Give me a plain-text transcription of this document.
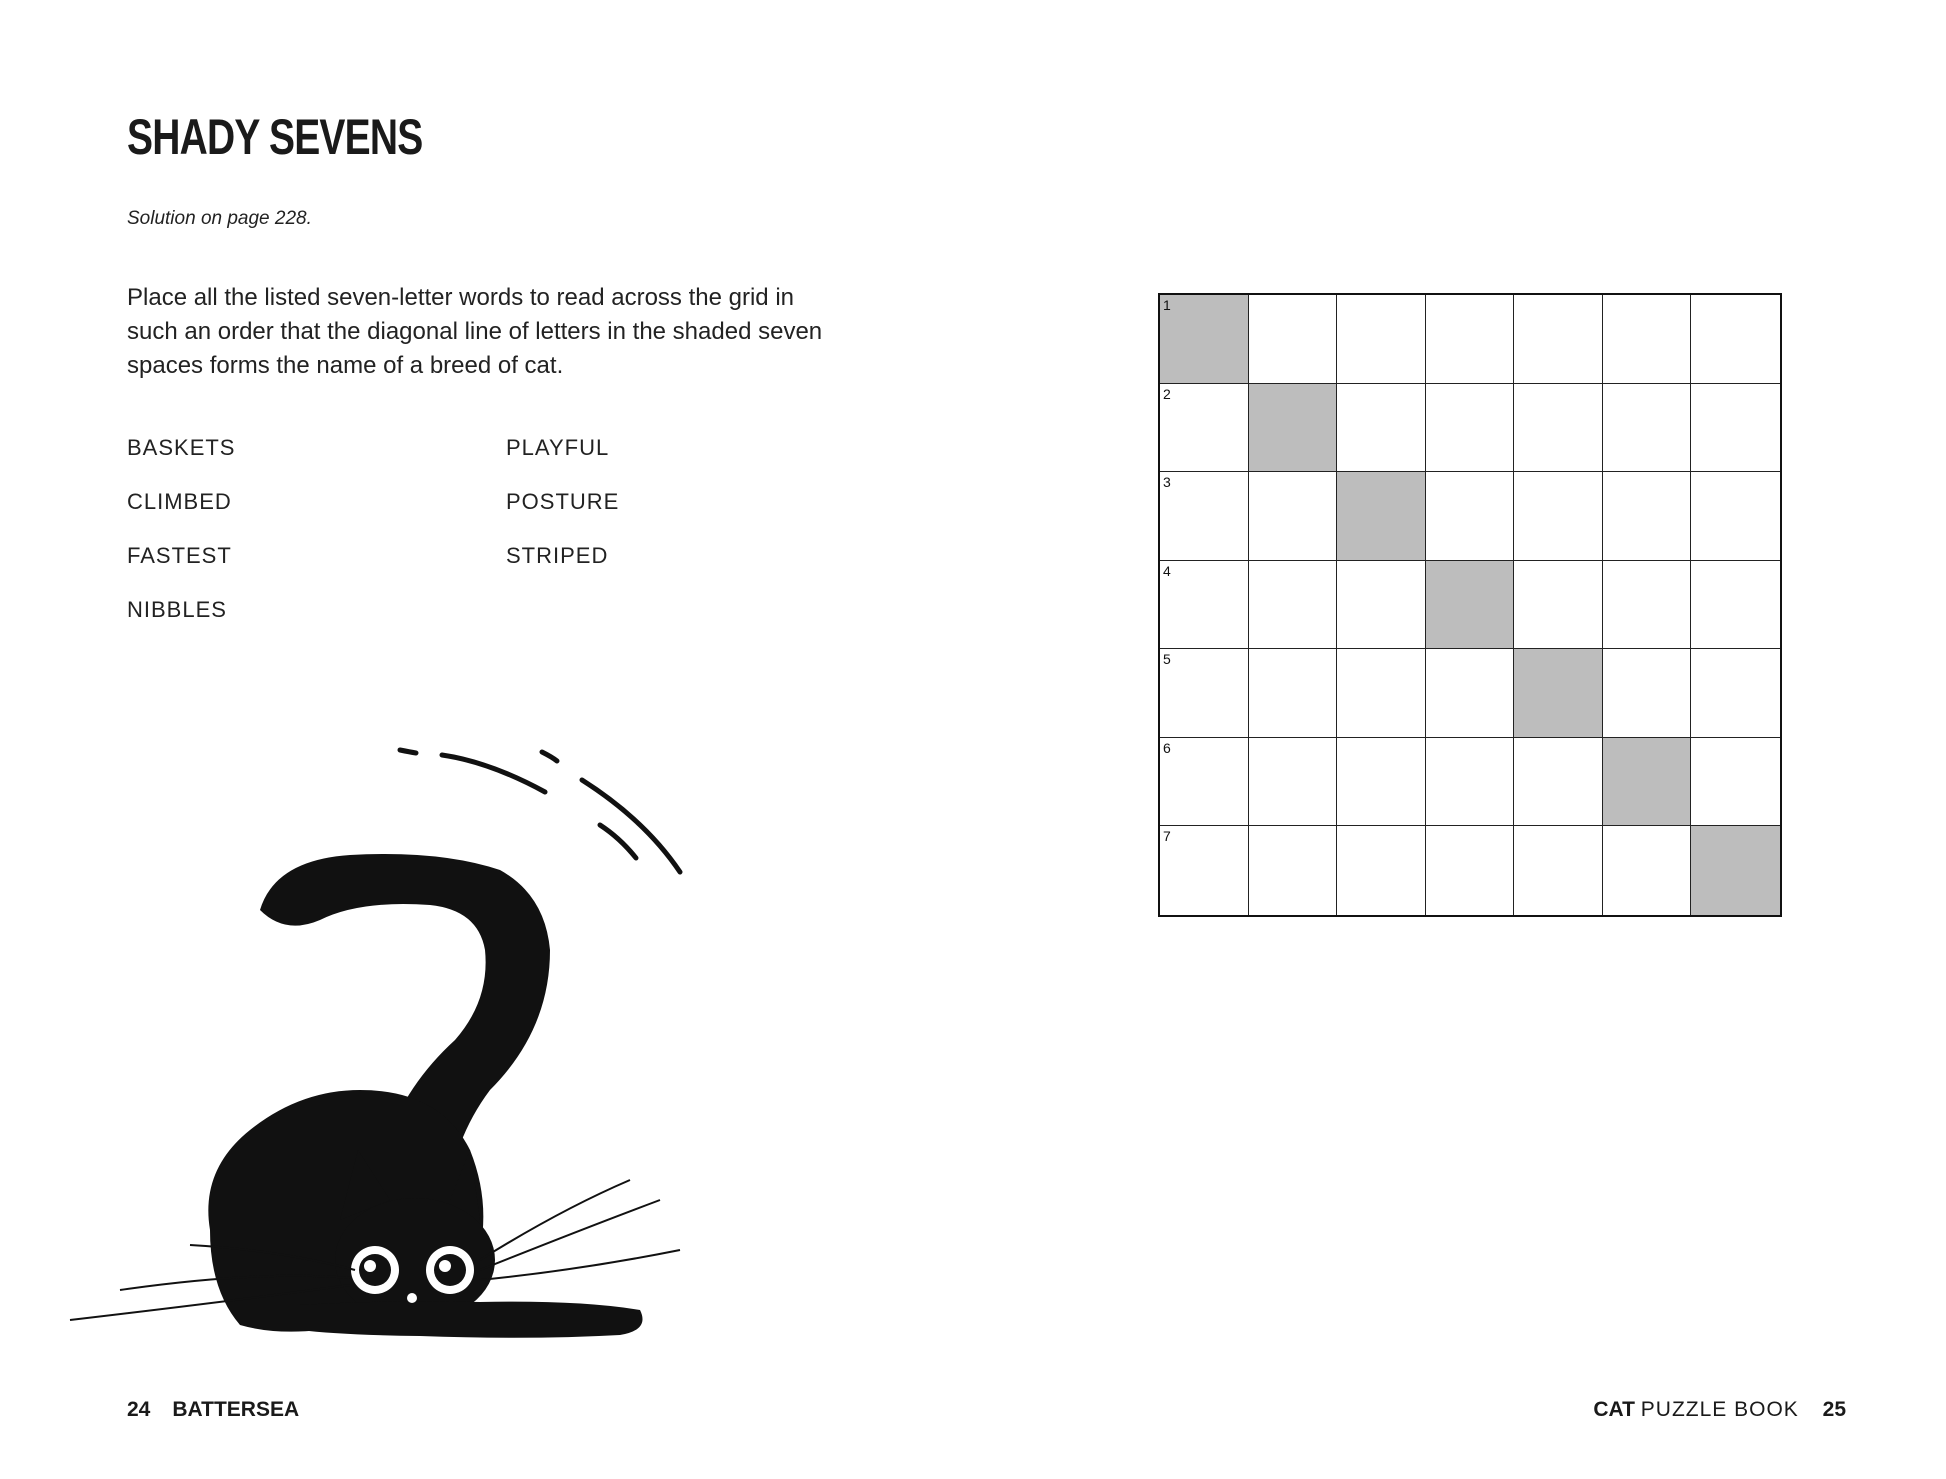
SHADY SEVENS
Solution on page 228.
Place all the listed seven-letter words to read across the grid in such an order that the diagonal line of letters in the shaded seven spaces forms the name of a breed of cat.
BASKETS
CLIMBED
FASTEST
NIBBLES
PLAYFUL
POSTURE
STRIPED
24 BATTERSEA
1
2
3
4
5
6
7
CAT PUZZLE BOOK 25
